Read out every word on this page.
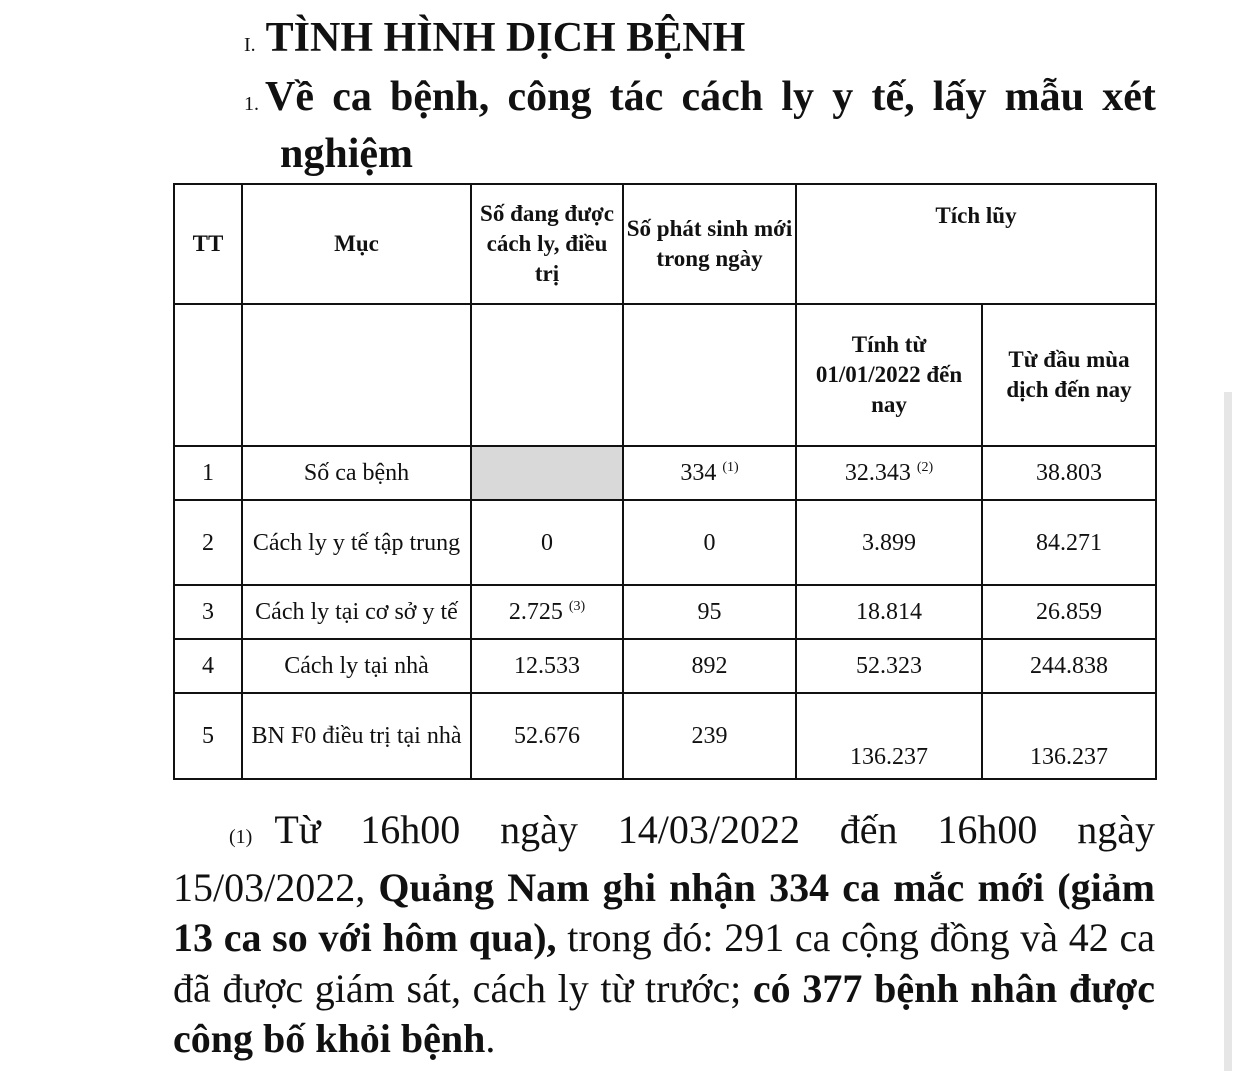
I. TÌNH HÌNH DỊCH BỆNH
1. Về ca bệnh, công tác cách ly y tế, lấy mẫu xét
nghiệm
TT	Mục	Số đang được cách ly, điều trị	Số phát sinh mới trong ngày	Tích lũy	
				Tính từ 01/01/2022 đến nay	Từ đầu mùa dịch đến nay
1	Số ca bệnh		334 $^{(1)}$	32.343 $^{(2)}$	38.803
2	Cách ly y tế tập trung	0	0	3.899	84.271
3	Cách ly tại cơ sở y tế	2.725 $^{(3)}$	95	18.814	26.859
4	Cách ly tại nhà	12.533	892	52.323	244.838
5	BN F0 điều trị tại nhà	52.676	239	136.237	136.237
(1) Từ 16h00 ngày 14/03/2022 đến 16h00 ngày 15/03/2022, Quảng Nam ghi nhận 334 ca mắc mới (giảm 13 ca so với hôm qua), trong đó: 291 ca cộng đồng và 42 ca đã được giám sát, cách ly từ trước; có 377 bệnh nhân được công bố khỏi bệnh.
